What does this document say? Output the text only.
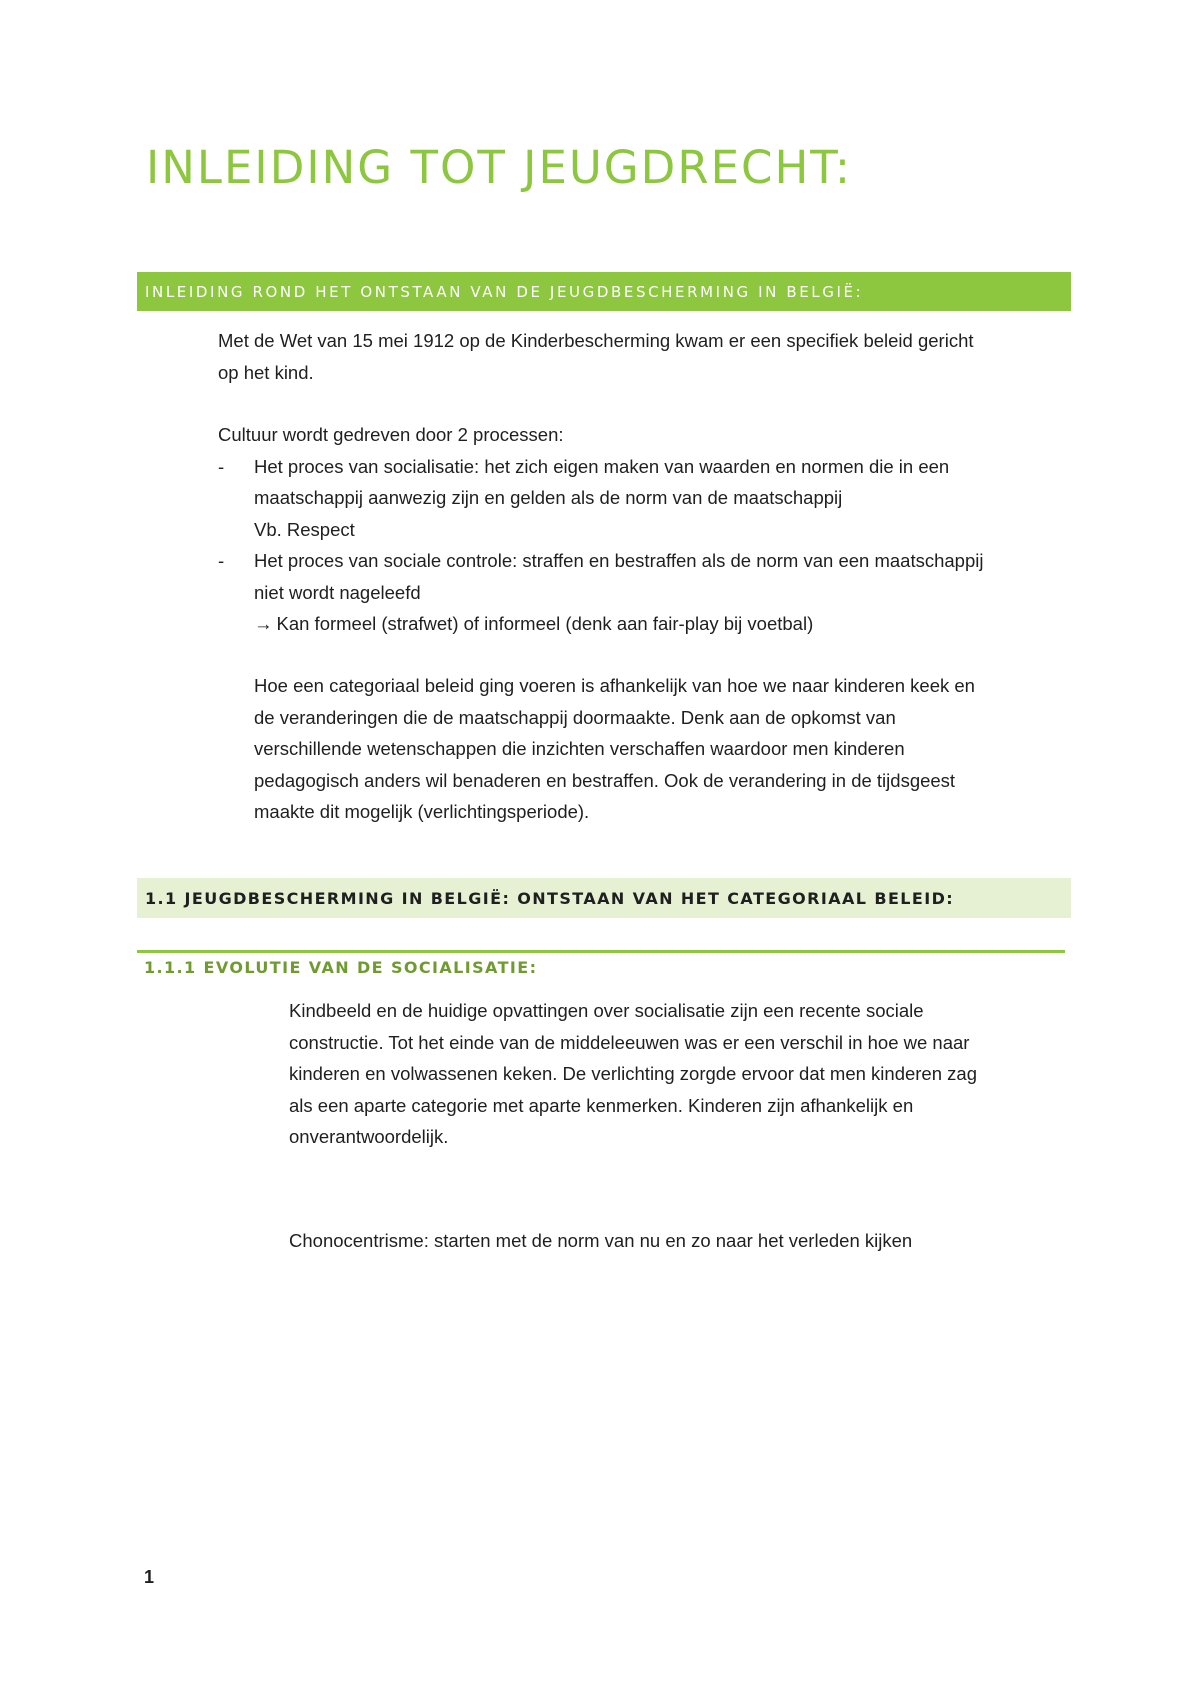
INLEIDING TOT JEUGDRECHT:
INLEIDING ROND HET ONTSTAAN VAN DE JEUGDBESCHERMING IN BELGIË:

Met de Wet van 15 mei 1912 op de Kinderbescherming kwam er een specifiek beleid gericht

op het kind.

Cultuur wordt gedreven door 2 processen:

- Het proces van socialisatie: het zich eigen maken van waarden en normen die in een

maatschappij aanwezig zijn en gelden als de norm van de maatschappij

Vb. Respect

- Het proces van sociale controle: straffen en bestraffen als de norm van een maatschappij

niet wordt nageleefd

→ Kan formeel (strafwet) of informeel (denk aan fair-play bij voetbal)

Hoe een categoriaal beleid ging voeren is afhankelijk van hoe we naar kinderen keek en

de veranderingen die de maatschappij doormaakte. Denk aan de opkomst van

verschillende wetenschappen die inzichten verschaffen waardoor men kinderen

pedagogisch anders wil benaderen en bestraffen. Ook de verandering in de tijdsgeest

maakte dit mogelijk (verlichtingsperiode).

1.1 JEUGDBESCHERMING IN BELGIË: ONTSTAAN VAN HET CATEGORIAAL BELEID:
1.1.1 EVOLUTIE VAN DE SOCIALISATIE:

Kindbeeld en de huidige opvattingen over socialisatie zijn een recente sociale

constructie. Tot het einde van de middeleeuwen was er een verschil in hoe we naar

kinderen en volwassenen keken. De verlichting zorgde ervoor dat men kinderen zag

als een aparte categorie met aparte kenmerken. Kinderen zijn afhankelijk en

onverantwoordelijk.

Chonocentrisme: starten met de norm van nu en zo naar het verleden kijken

1
